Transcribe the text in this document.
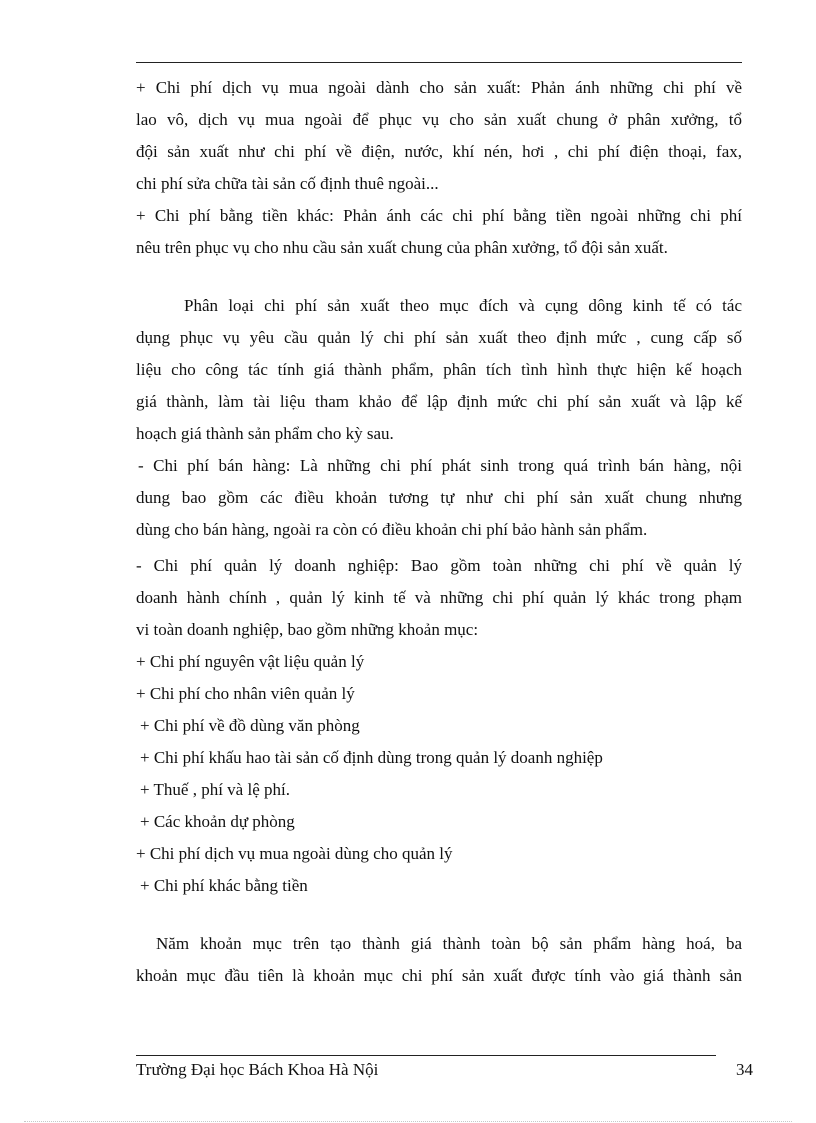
+ Chi phí dịch vụ mua ngoài dành cho sản xuất: Phản ánh những chi phí về
lao vô, dịch vụ mua ngoài để phục vụ cho sản xuất chung ở phân xưởng, tổ
đội sản xuất như chi phí về điện, nước, khí nén, hơi , chi phí điện thoại, fax,
chi phí sửa chữa tài sản cố định thuê ngoài...
+ Chi phí bằng tiền khác: Phản ánh các chi phí bằng tiền ngoài những chi phí
nêu trên phục vụ cho nhu cầu sản xuất chung của phân xưởng, tổ đội sản xuất.
Phân loại chi phí sản xuất theo mục đích và cụng dông kinh tế có tác
dụng phục vụ yêu cầu quản lý chi phí sản xuất theo định mức , cung cấp số
liệu cho công tác tính giá thành phẩm, phân tích tình hình thực hiện kế hoạch
giá thành, làm tài liệu tham khảo để lập định mức chi phí sản xuất và lập kế
hoạch giá thành sản phẩm cho kỳ sau.
- Chi phí bán hàng: Là những chi phí phát sinh trong quá trình bán hàng, nội
dung bao gồm các điều khoản tương tự như chi phí sản xuất chung nhưng
dùng cho bán hàng, ngoài ra còn có điều khoản chi phí bảo hành sản phẩm.
- Chi phí quản lý doanh nghiệp: Bao gồm toàn những chi phí về quản lý
doanh hành chính , quản lý kinh tế và những chi phí quản lý khác trong phạm
vi toàn doanh nghiệp, bao gồm những khoản mục:
+ Chi phí nguyên vật liệu quản lý
+ Chi phí cho nhân viên quản lý
+ Chi phí về đồ dùng văn phòng
+ Chi phí khấu hao tài sản cố định dùng trong quản lý doanh nghiệp
+ Thuế , phí và lệ phí.
+ Các khoản dự phòng
+ Chi phí dịch vụ mua ngoài dùng cho quản lý
+ Chi phí khác bằng tiền
Năm khoản mục trên tạo thành giá thành toàn bộ sản phẩm hàng hoá, ba
khoản mục đầu tiên là khoản mục chi phí sản xuất được tính vào giá thành sản
Trường Đại học Bách Khoa Hà Nội	34
